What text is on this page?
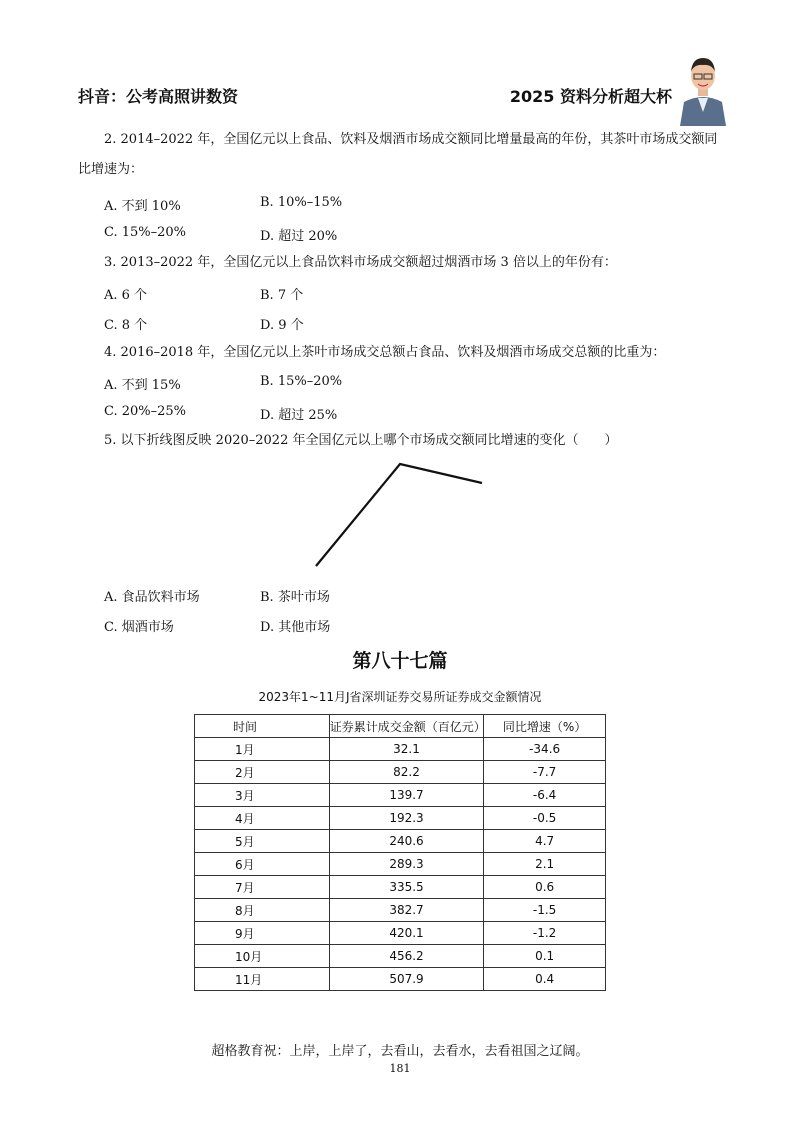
抖音：公考高照讲数资	2025 资料分析超大杯
2. 2014–2022 年，全国亿元以上食品、饮料及烟酒市场成交额同比增量最高的年份，其茶叶市场成交额同比增速为：
A. 不到 10%	B. 10%–15%
C. 15%–20%	D. 超过 20%
3. 2013–2022 年，全国亿元以上食品饮料市场成交额超过烟酒市场 3 倍以上的年份有：
A. 6 个	B. 7 个
C. 8 个	D. 9 个
4. 2016–2018 年，全国亿元以上茶叶市场成交总额占食品、饮料及烟酒市场成交总额的比重为：
A. 不到 15%	B. 15%–20%
C. 20%–25%	D. 超过 25%
5. 以下折线图反映 2020–2022 年全国亿元以上哪个市场成交额同比增速的变化（　　）
A. 食品饮料市场	B. 茶叶市场
C. 烟酒市场	D. 其他市场
第八十七篇
2023年1~11月J省深圳证券交易所证券成交金额情况
时间	证券累计成交金额（百亿元）	同比增速（%）
1月	32.1	-34.6
2月	82.2	-7.7
3月	139.7	-6.4
4月	192.3	-0.5
5月	240.6	4.7
6月	289.3	2.1
7月	335.5	0.6
8月	382.7	-1.5
9月	420.1	-1.2
10月	456.2	0.1
11月	507.9	0.4
超格教育祝：上岸，上岸了，去看山，去看水，去看祖国之辽阔。
181
